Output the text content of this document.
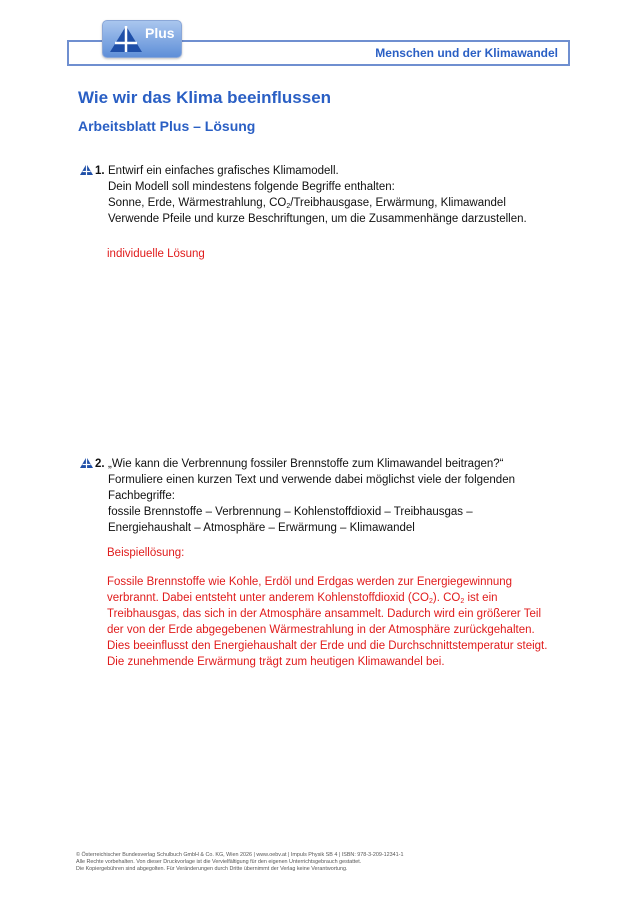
Menschen und der Klimawandel
Plus
Wie wir das Klima beeinflussen
Arbeitsblatt Plus – Lösung
1. Entwirf ein einfaches grafisches Klimamodell.
Dein Modell soll mindestens folgende Begriffe enthalten:
Sonne, Erde, Wärmestrahlung, $CO_2$/Treibhausgase, Erwärmung, Klimawandel
Verwende Pfeile und kurze Beschriftungen, um die Zusammenhänge darzustellen.
individuelle Lösung
2. „Wie kann die Verbrennung fossiler Brennstoffe zum Klimawandel beitragen?“
Formuliere einen kurzen Text und verwende dabei möglichst viele der folgenden
Fachbegriffe:
fossile Brennstoffe – Verbrennung – Kohlenstoffdioxid – Treibhausgas –
Energiehaushalt – Atmosphäre – Erwärmung – Klimawandel
Beispiellösung:
Fossile Brennstoffe wie Kohle, Erdöl und Erdgas werden zur Energiegewinnung
verbrannt. Dabei entsteht unter anderem Kohlenstoffdioxid $(CO_2)$. $CO_2$ ist ein
Treibhausgas, das sich in der Atmosphäre ansammelt. Dadurch wird ein größerer Teil
der von der Erde abgegebenen Wärmestrahlung in der Atmosphäre zurückgehalten.
Dies beeinflusst den Energiehaushalt der Erde und die Durchschnittstemperatur steigt.
Die zunehmende Erwärmung trägt zum heutigen Klimawandel bei.
© Österreichischer Bundesverlag Schulbuch GmbH & Co. KG, Wien 2026 | www.oebv.at | Impuls Physik SB 4 | ISBN: 978-3-209-12341-1
Alle Rechte vorbehalten. Von dieser Druckvorlage ist die Vervielfältigung für den eigenen Unterrichtsgebrauch gestattet.
Die Kopiergebühren sind abgegolten. Für Veränderungen durch Dritte übernimmt der Verlag keine Verantwortung.
